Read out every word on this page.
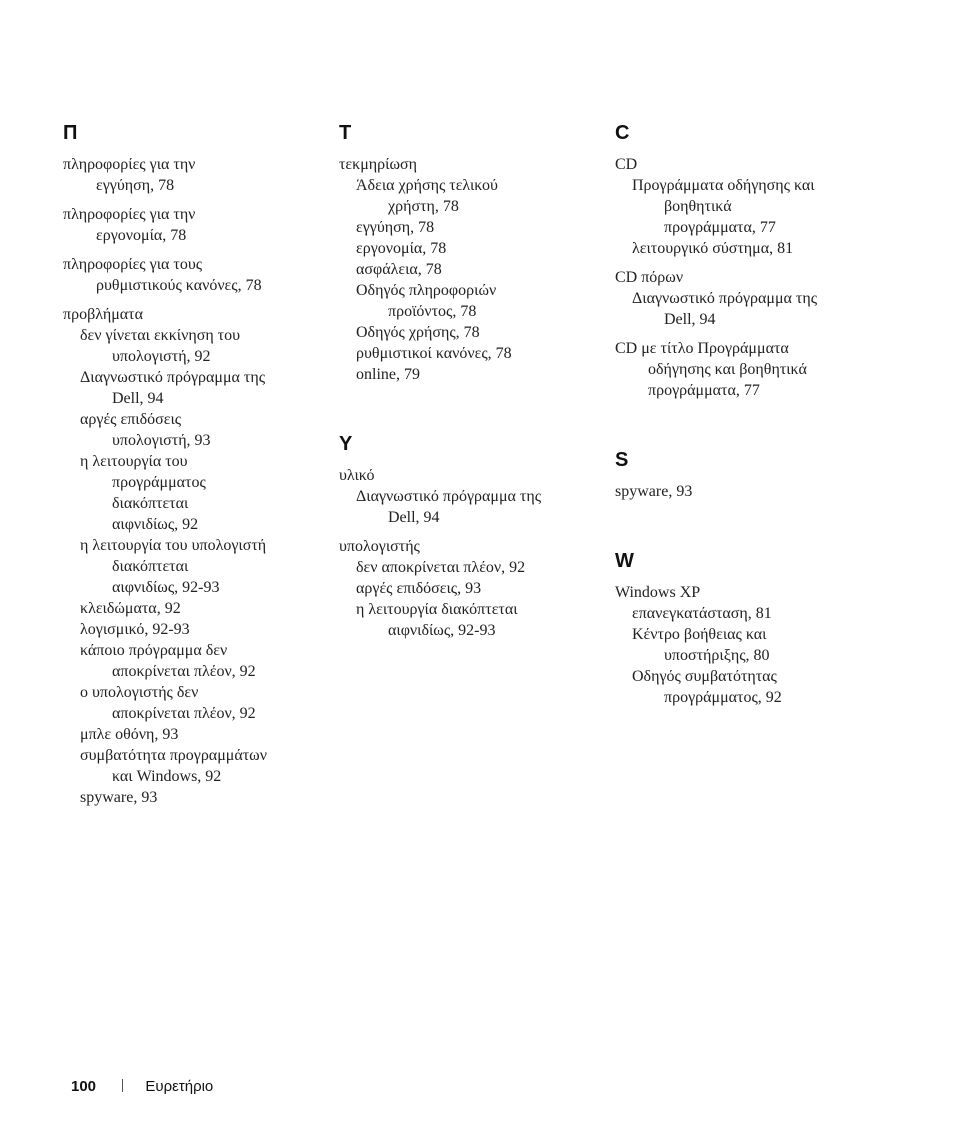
Π
πληροφορίες για την
εγγύηση, 78
πληροφορίες για την
εργονομία, 78
πληροφορίες για τους
ρυθμιστικούς κανόνες, 78
προβλήματα
δεν γίνεται εκκίνηση του
υπολογιστή, 92
Διαγνωστικό πρόγραμμα της
Dell, 94
αργές επιδόσεις
υπολογιστή, 93
η λειτουργία του
προγράμματος
διακόπτεται
αιφνιδίως, 92
η λειτουργία του υπολογιστή
διακόπτεται
αιφνιδίως, 92-93
κλειδώματα, 92
λογισμικό, 92-93
κάποιο πρόγραμμα δεν
αποκρίνεται πλέον, 92
ο υπολογιστής δεν
αποκρίνεται πλέον, 92
μπλε οθόνη, 93
συμβατότητα προγραμμάτων
και Windows, 92
spyware, 93
Τ
τεκμηρίωση
Άδεια χρήσης τελικού
χρήστη, 78
εγγύηση, 78
εργονομία, 78
ασφάλεια, 78
Οδηγός πληροφοριών
προϊόντος, 78
Οδηγός χρήσης, 78
ρυθμιστικοί κανόνες, 78
online, 79
Υ
υλικό
Διαγνωστικό πρόγραμμα της
Dell, 94
υπολογιστής
δεν αποκρίνεται πλέον, 92
αργές επιδόσεις, 93
η λειτουργία διακόπτεται
αιφνιδίως, 92-93
C
CD
Προγράμματα οδήγησης και
βοηθητικά
προγράμματα, 77
λειτουργικό σύστημα, 81
CD πόρων
Διαγνωστικό πρόγραμμα της
Dell, 94
CD με τίτλο Προγράμματα
οδήγησης και βοηθητικά
προγράμματα, 77
S
spyware, 93
W
Windows XP
επανεγκατάσταση, 81
Κέντρο βοήθειας και
υποστήριξης, 80
Οδηγός συμβατότητας
προγράμματος, 92
100	Ευρετήριο
